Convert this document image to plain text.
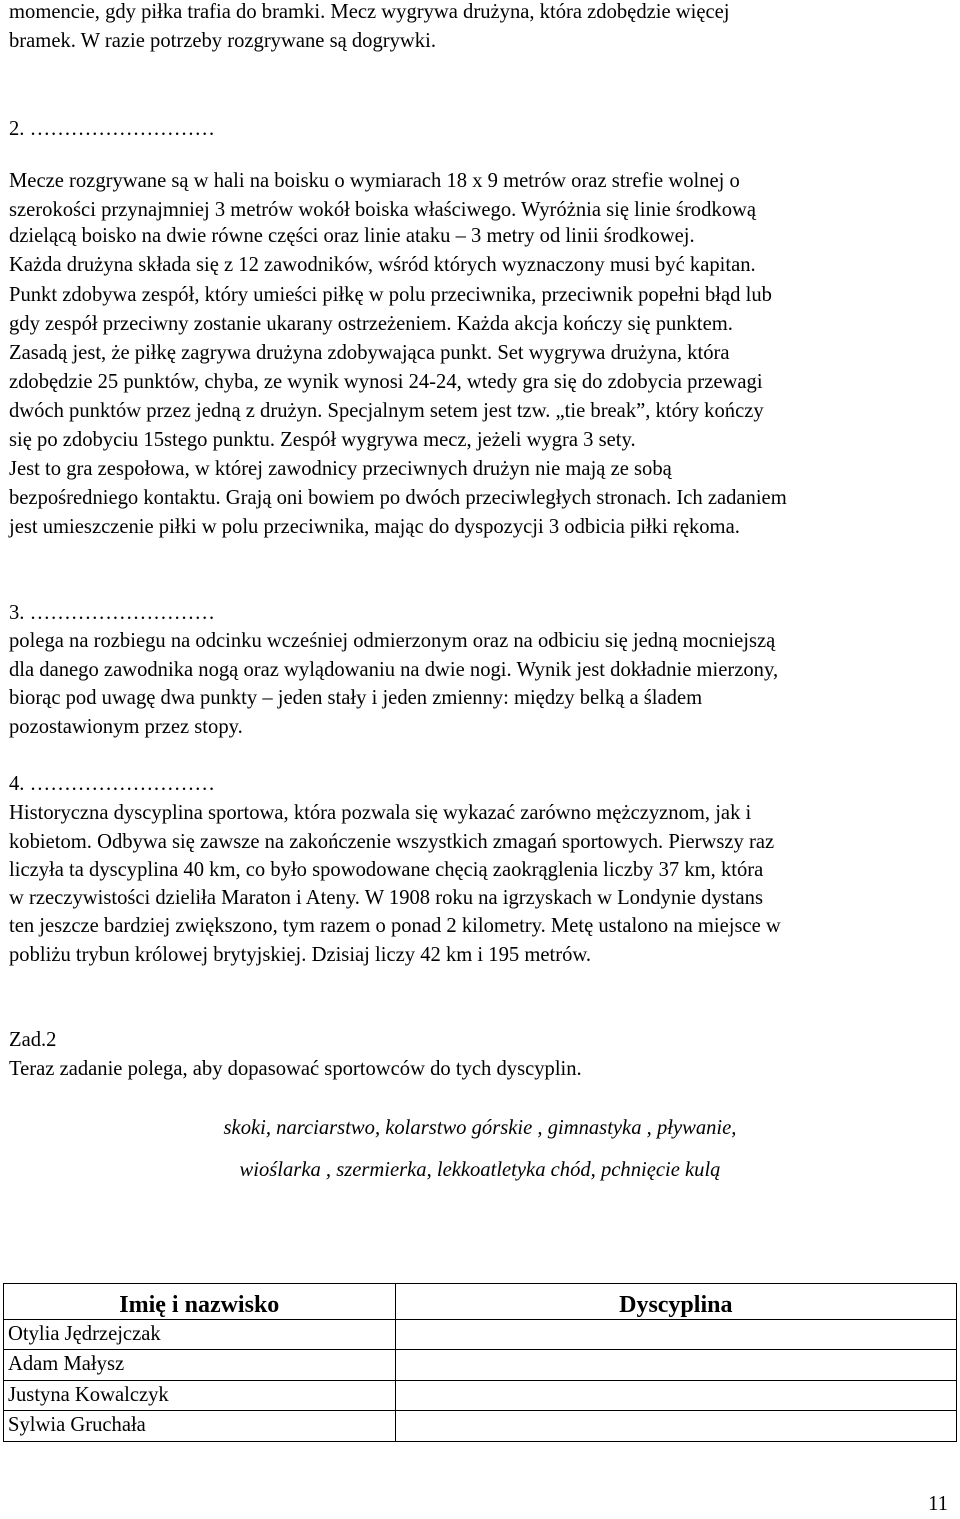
momencie, gdy piłka trafia do bramki. Mecz wygrywa drużyna, która zdobędzie więcej
bramek. W razie potrzeby rozgrywane są dogrywki.
2. ………………………
Mecze rozgrywane są w hali na boisku o wymiarach 18 x 9 metrów oraz strefie wolnej o
szerokości przynajmniej 3 metrów wokół boiska właściwego. Wyróżnia się linie środkową
dzielącą boisko na dwie równe części oraz linie ataku – 3 metry od linii środkowej.
Każda drużyna składa się z 12 zawodników, wśród których wyznaczony musi być kapitan.
Punkt zdobywa zespół, który umieści piłkę w polu przeciwnika, przeciwnik popełni błąd lub
gdy zespół przeciwny zostanie ukarany ostrzeżeniem. Każda akcja kończy się punktem.
Zasadą jest, że piłkę zagrywa drużyna zdobywająca punkt. Set wygrywa drużyna, która
zdobędzie 25 punktów, chyba, ze wynik wynosi 24-24, wtedy gra się do zdobycia przewagi
dwóch punktów przez jedną z drużyn. Specjalnym setem jest tzw. „tie break”, który kończy
się po zdobyciu 15stego punktu. Zespół wygrywa mecz, jeżeli wygra 3 sety.
Jest to gra zespołowa, w której zawodnicy przeciwnych drużyn nie mają ze sobą
bezpośredniego kontaktu. Grają oni bowiem po dwóch przeciwległych stronach. Ich zadaniem
jest umieszczenie piłki w polu przeciwnika, mając do dyspozycji 3 odbicia piłki rękoma.
3. ………………………
polega na rozbiegu na odcinku wcześniej odmierzonym oraz na odbiciu się jedną mocniejszą
dla danego zawodnika nogą oraz wylądowaniu na dwie nogi. Wynik jest dokładnie mierzony,
biorąc pod uwagę dwa punkty – jeden stały i jeden zmienny: między belką a śladem
pozostawionym przez stopy.
4. ………………………
Historyczna dyscyplina sportowa, która pozwala się wykazać zarówno mężczyznom, jak i
kobietom. Odbywa się zawsze na zakończenie wszystkich zmagań sportowych. Pierwszy raz
liczyła ta dyscyplina 40 km, co było spowodowane chęcią zaokrąglenia liczby 37 km, która
w rzeczywistości dzieliła Maraton i Ateny. W 1908 roku na igrzyskach w Londynie dystans
ten jeszcze bardziej zwiększono, tym razem o ponad 2 kilometry. Metę ustalono na miejsce w
pobliżu trybun królowej brytyjskiej. Dzisiaj liczy 42 km i 195 metrów.
Zad.2
Teraz zadanie polega, aby dopasować sportowców do tych dyscyplin.
skoki, narciarstwo, kolarstwo górskie , gimnastyka , pływanie,
wioślarka , szermierka, lekkoatletyka chód, pchnięcie kulą
Imię i nazwisko	Dyscyplina
Otylia Jędrzejczak	
Adam Małysz	
Justyna Kowalczyk	
Sylwia Gruchała	
11
